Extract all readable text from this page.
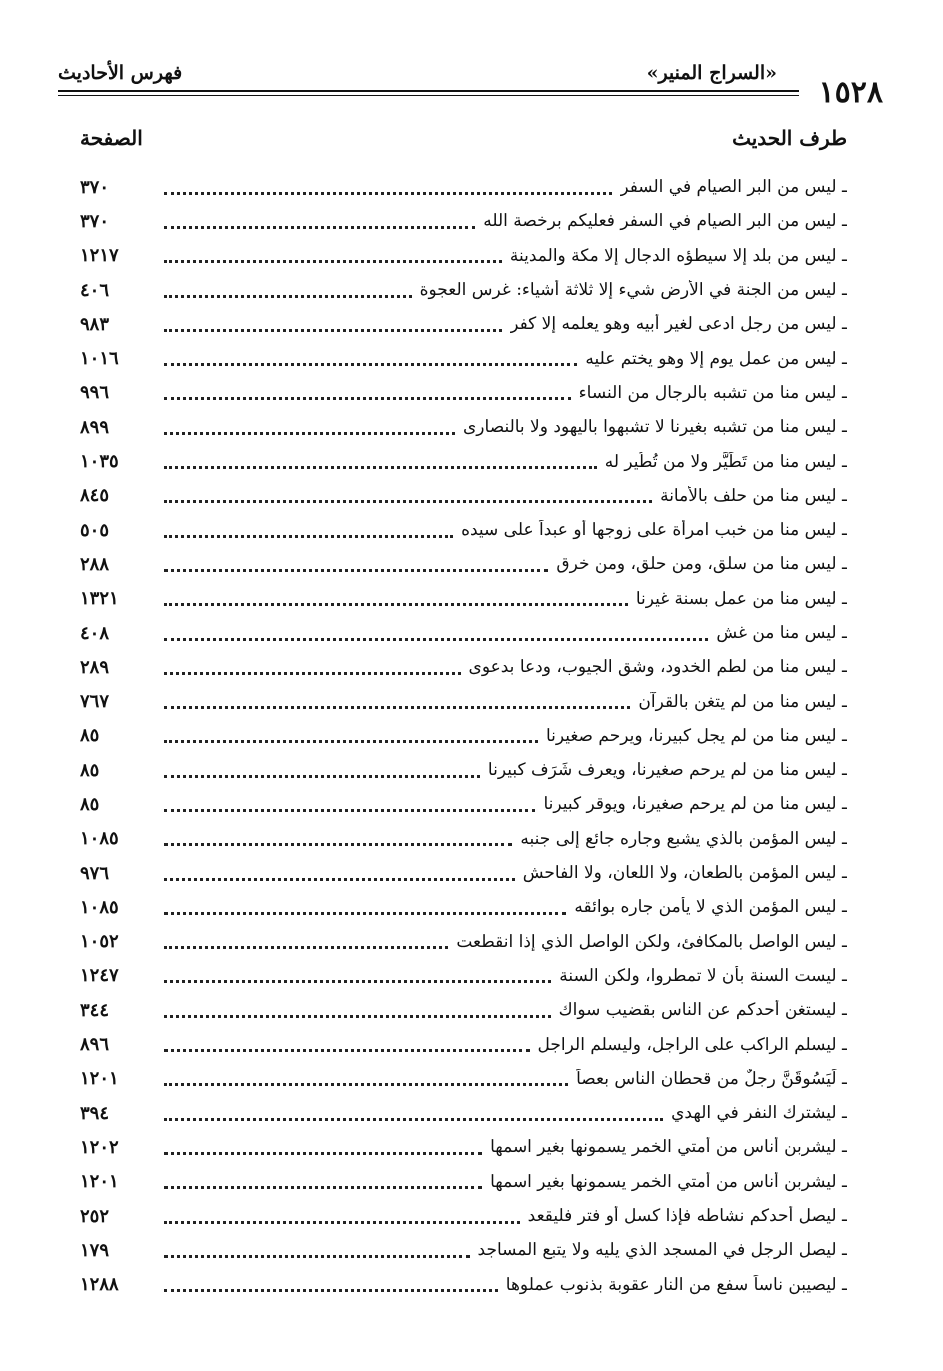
فهرس الأحاديث	«السراج المنير»
١٥٢٨
طرف الحديث
الصفحة
٣٧٠	ـ ليس من البر الصيام في السفر
٣٧٠	ـ ليس من البر الصيام في السفر فعليكم برخصة الله
١٢١٧	ـ ليس من بلد إلا سيطؤه الدجال إلا مكة والمدينة
٤٠٦	ـ ليس من الجنة في الأرض شيء إلا ثلاثة أشياء: غرس العجوة
٩٨٣	ـ ليس من رجل ادعى لغير أبيه وهو يعلمه إلا كفر
١٠١٦	ـ ليس من عمل يوم إلا وهو يختم عليه
٩٩٦	ـ ليس منا من تشبه بالرجال من النساء
٨٩٩	ـ ليس منا من تشبه بغيرنا لا تشبهوا باليهود ولا بالنصارى
١٠٣٥	ـ ليس منا من تَطَيَّر ولا من تُطُير له
٨٤٥	ـ ليس منا من حلف بالأمانة
٥٠٥	ـ ليس منا من خبب امرأة على زوجها أو عبداً على سيده
٢٨٨	ـ ليس منا من سلق، ومن حلق، ومن خرق
١٣٢١	ـ ليس منا من عمل بسنة غيرنا
٤٠٨	ـ ليس منا من غش
٢٨٩	ـ ليس منا من لطم الخدود، وشق الجيوب، ودعا بدعوى
٧٦٧	ـ ليس منا من لم يتغن بالقرآن
٨٥	ـ ليس منا من لم يجل كبيرنا، ويرحم صغيرنا
٨٥	ـ ليس منا من لم يرحم صغيرنا، ويعرف شَرَف كبيرنا
٨٥	ـ ليس منا من لم يرحم صغيرنا، ويوقر كبيرنا
١٠٨٥	ـ ليس المؤمن بالذي يشبع وجاره جائع إلى جنبه
٩٧٦	ـ ليس المؤمن بالطعان، ولا اللعان، ولا الفاحش
١٠٨٥	ـ ليس المؤمن الذي لا يأمن جاره بوائقه
١٠٥٢	ـ ليس الواصل بالمكافئ، ولكن الواصل الذي إذا انقطعت
١٢٤٧	ـ ليست السنة بأن لا تمطروا، ولكن السنة
٣٤٤	ـ ليستغن أحدكم عن الناس بقضيب سواك
٨٩٦	ـ ليسلم الراكب على الراجل، وليسلم الراجل
١٢٠١	ـ لَيَسُوقَنَّ رجلٌ من قحطان الناس بعصاً
٣٩٤	ـ ليشترك النفر في الهدي
١٢٠٢	ـ ليشربن أناس من أمتي الخمر يسمونها بغير اسمها
١٢٠١	ـ ليشربن أناس من أمتي الخمر يسمونها بغير اسمها
٢٥٢	ـ ليصل أحدكم نشاطه فإذا كسل أو فتر فليقعد
١٧٩	ـ ليصل الرجل في المسجد الذي يليه ولا يتبع المساجد
١٢٨٨	ـ ليصيبن ناساً سفع من النار عقوبة بذنوب عملوها
